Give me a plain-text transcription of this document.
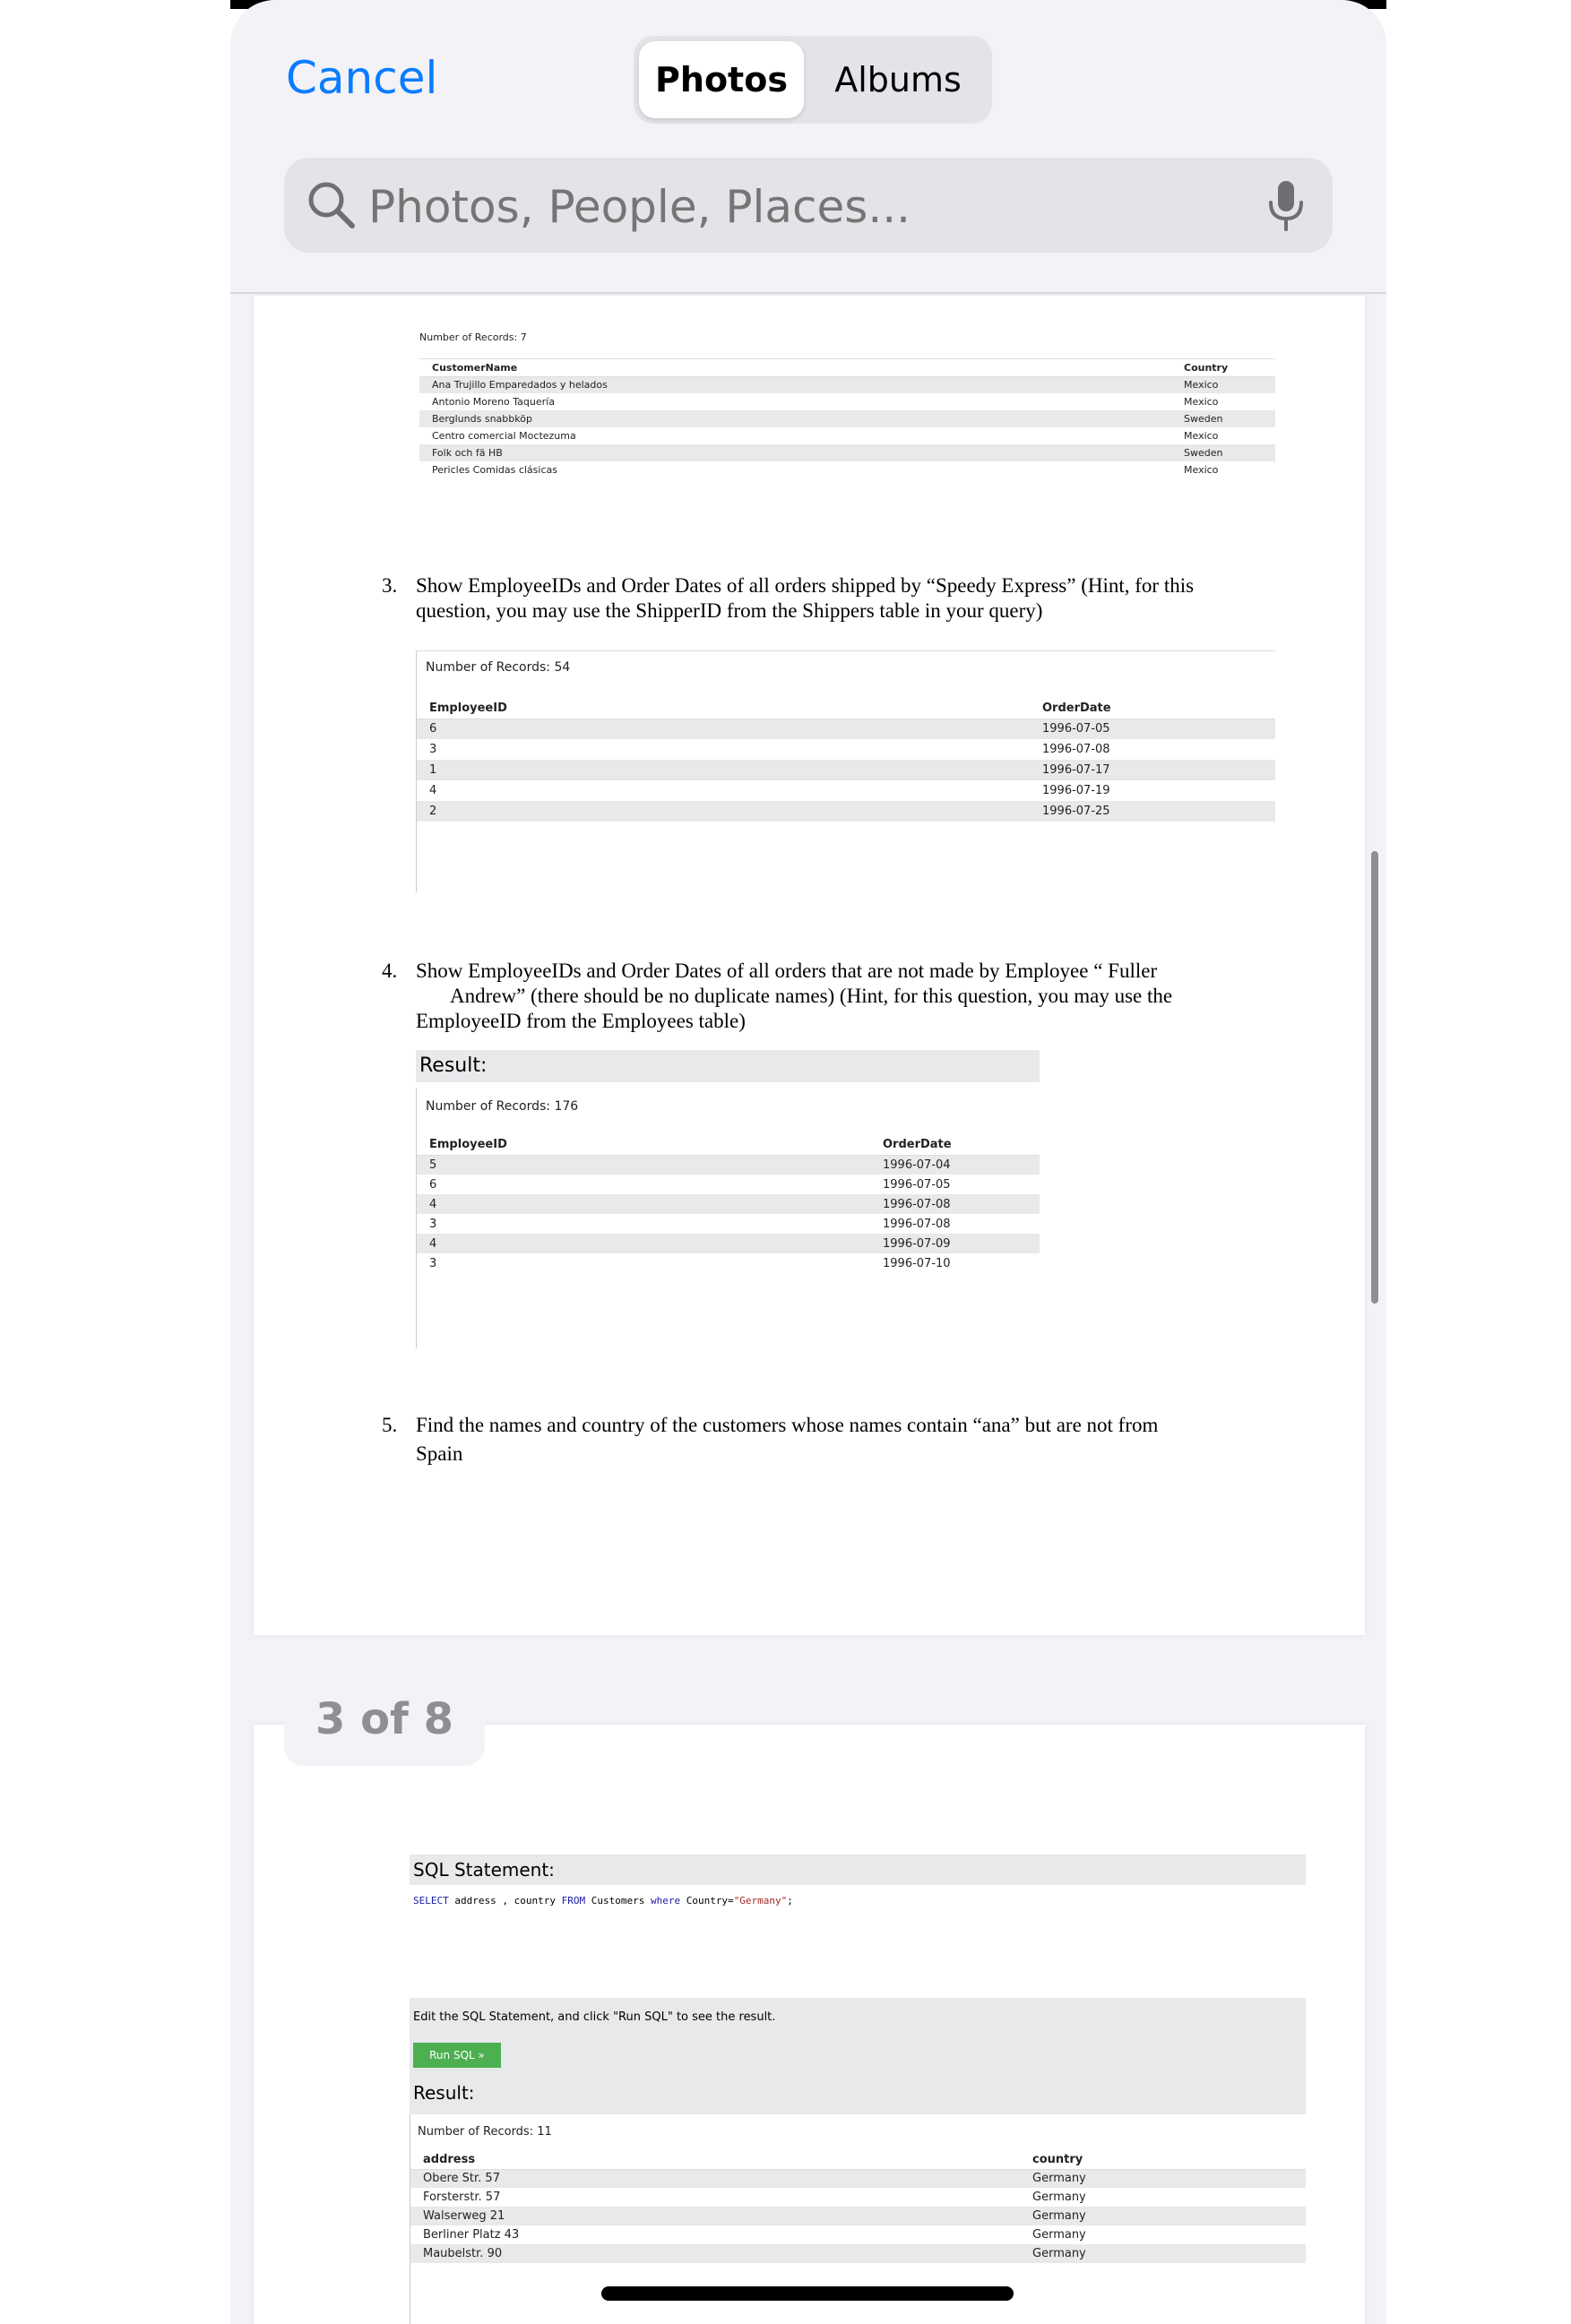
Number of Records: 7
CustomerName	Country
Ana Trujillo Emparedados y helados	Mexico
Antonio Moreno Taquería	Mexico
Berglunds snabbköp	Sweden
Centro comercial Moctezuma	Mexico
Folk och fä HB	Sweden
Pericles Comidas clásicas	Mexico
3. Show EmployeeIDs and Order Dates of all orders shipped by “Speedy Express” (Hint, for this question, you may use the ShipperID from the Shippers table in your query)
Number of Records: 54
EmployeeID	OrderDate
6	1996-07-05
3	1996-07-08
1	1996-07-17
4	1996-07-19
2	1996-07-25
4. Show EmployeeIDs and Order Dates of all orders that are not made by Employee “ Fuller
Andrew” (there should be no duplicate names) (Hint, for this question, you may use the
EmployeeID from the Employees table)
Result:
Number of Records: 176
EmployeeID	OrderDate
5	1996-07-04
6	1996-07-05
4	1996-07-08
3	1996-07-08
4	1996-07-09
3	1996-07-10
5. Find the names and country of the customers whose names contain “ana” but are not from
Spain
SQL Statement:
SELECT address , country FROM Customers where Country="Germany";
Edit the SQL Statement, and click "Run SQL" to see the result.
Run SQL »
Result:
Number of Records: 11
address	country
Obere Str. 57	Germany
Forsterstr. 57	Germany
Walserweg 21	Germany
Berliner Platz 43	Germany
Maubelstr. 90	Germany
3 of 8
Cancel	Photos	Albums
Photos, People, Places...
